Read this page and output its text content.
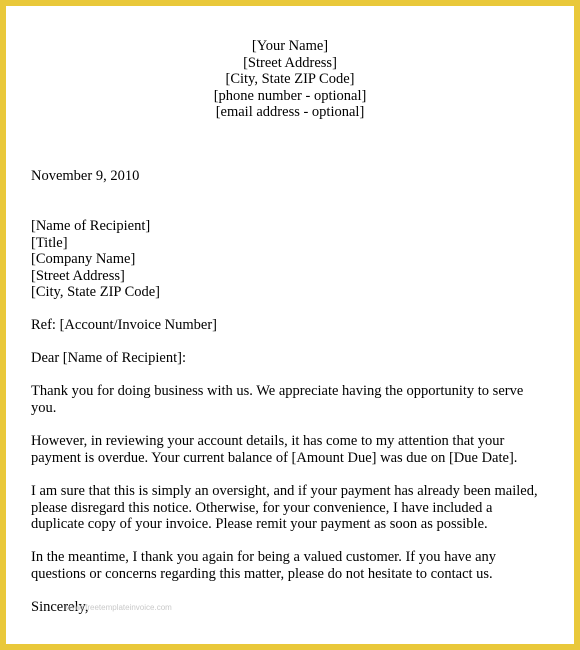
[Your Name]
[Street Address]
[City, State ZIP Code]
[phone number - optional]
[email address - optional]
November 9, 2010
[Name of Recipient]
[Title]
[Company Name]
[Street Address]
[City, State ZIP Code]
Ref: [Account/Invoice Number]
Dear [Name of Recipient]:
Thank you for doing business with us. We appreciate having the opportunity to serve you.
However, in reviewing your account details, it has come to my attention that your payment is overdue. Your current balance of [Amount Due] was due on [Due Date].
I am sure that this is simply an oversight, and if your payment has already been mailed, please disregard this notice. Otherwise, for your convenience, I have included a duplicate copy of your invoice. Please remit your payment as soon as possible.
In the meantime, I thank you again for being a valued customer. If you have any questions or concerns regarding this matter, please do not hesitate to contact us.
Sincerely,
www.freetemplateinvoice.com
